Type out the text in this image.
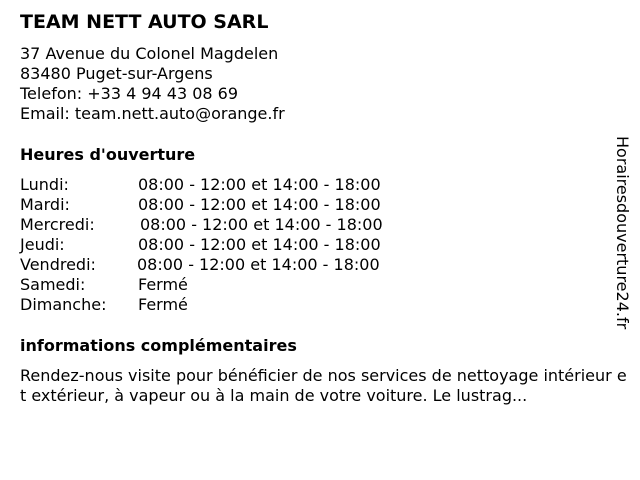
TEAM NETT AUTO SARL
37 Avenue du Colonel Magdelen
83480 Puget-sur-Argens
Telefon: +33 4 94 43 08 69
Email: team.nett.auto@orange.fr
Heures d'ouverture
Lundi:	08:00 - 12:00 et 14:00 - 18:00
Mardi:	08:00 - 12:00 et 14:00 - 18:00
Mercredi:	08:00 - 12:00 et 14:00 - 18:00
Jeudi:	08:00 - 12:00 et 14:00 - 18:00
Vendredi:	08:00 - 12:00 et 14:00 - 18:00
Samedi:	Fermé
Dimanche:	Fermé
informations complémentaires
Rendez-nous visite pour bénéficier de nos services de nettoyage intérieur et extérieur, à vapeur ou à la main de votre voiture. Le lustrag...
Horairesdouverture24.fr
